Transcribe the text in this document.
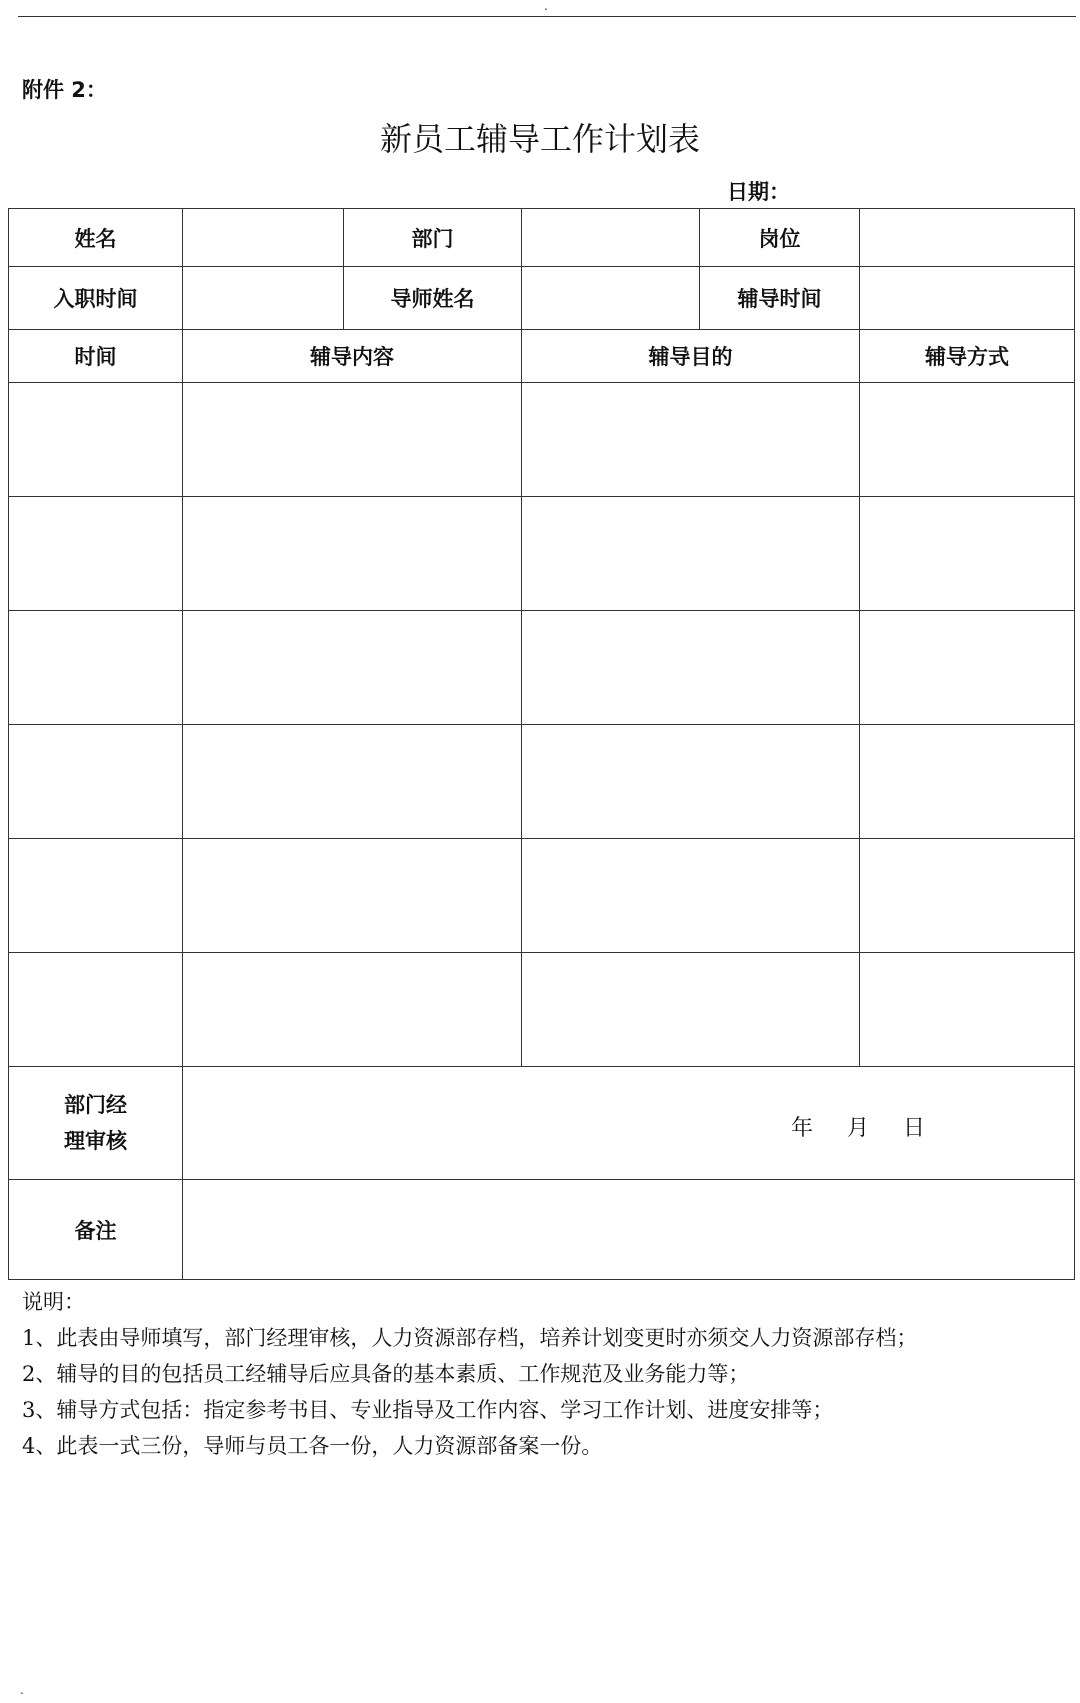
.
附件 2：
新员工辅导工作计划表
日期：
姓名		部门		岗位	
入职时间		导师姓名		辅导时间	
时间	辅导内容		辅导目的		辅导方式

部门经
理审核	年 月 日				

备注					
说明：
1、此表由导师填写，部门经理审核，人力资源部存档，培养计划变更时亦须交人力资源部存档；
2、辅导的目的包括员工经辅导后应具备的基本素质、工作规范及业务能力等；
3、辅导方式包括：指定参考书目、专业指导及工作内容、学习工作计划、进度安排等；
4、此表一式三份，导师与员工各一份，人力资源部备案一份。
.
